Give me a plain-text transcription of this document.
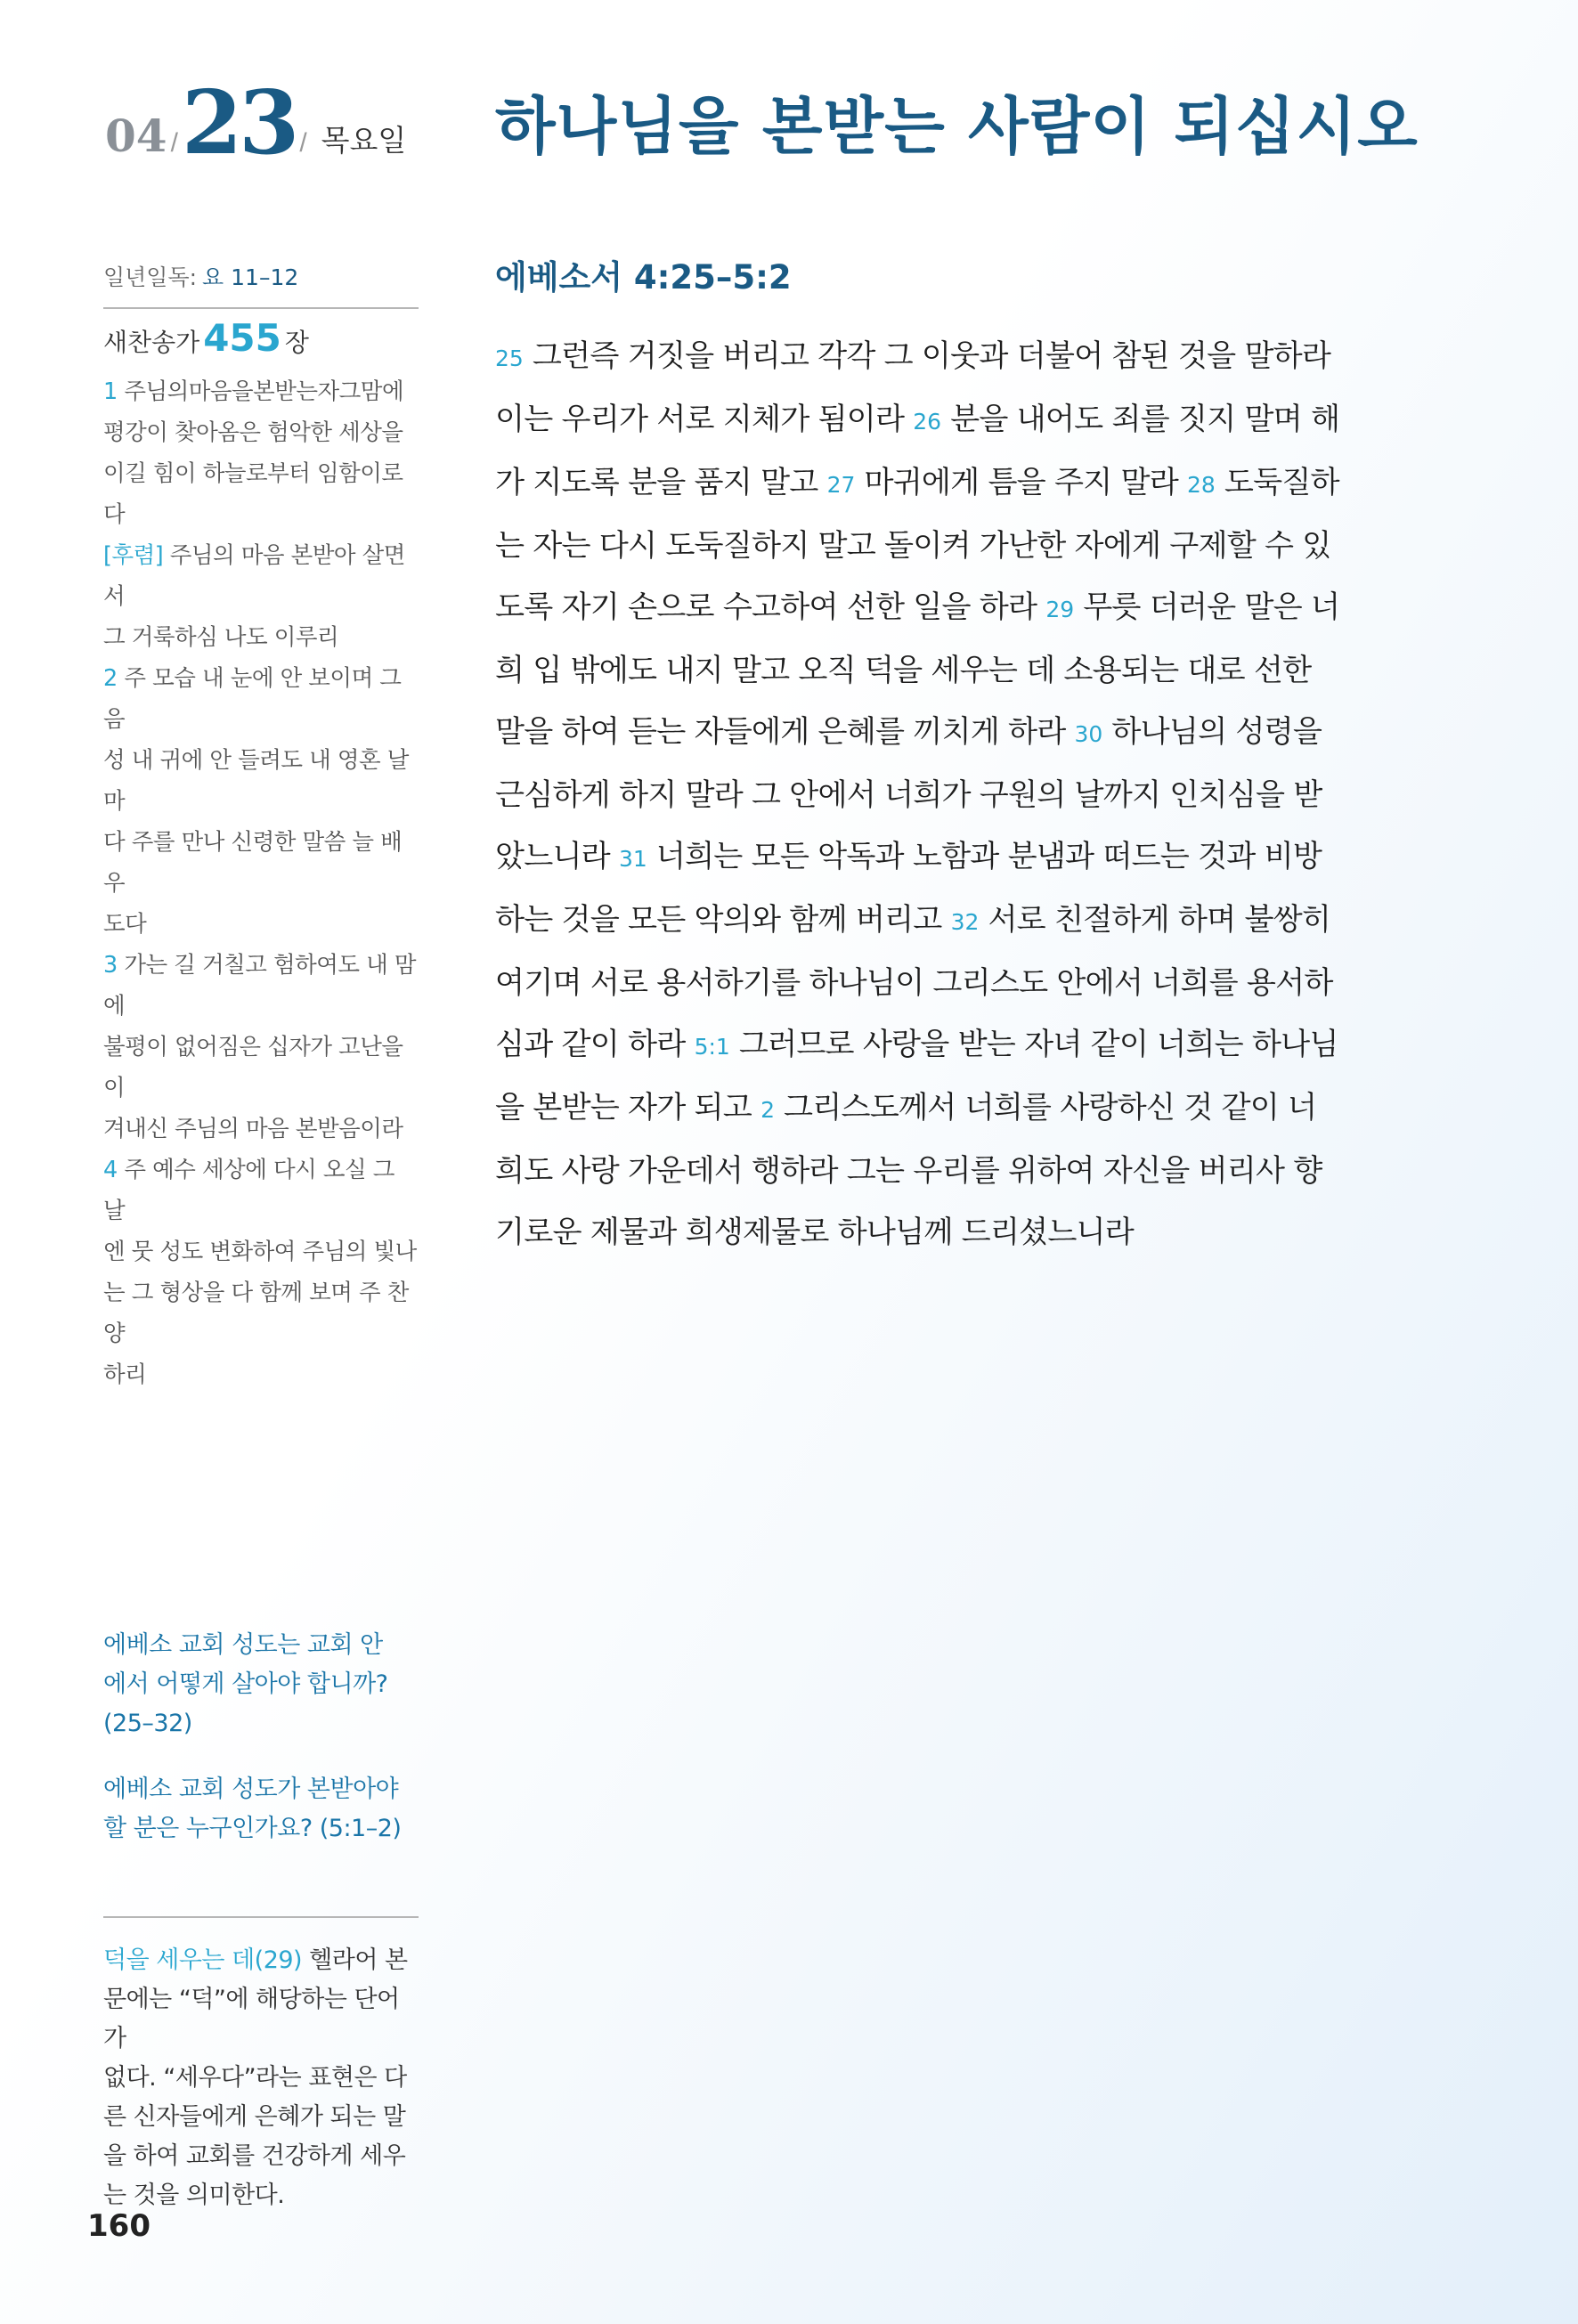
04 / 23 / 목요일 하나님을 본받는 사람이 되십시오
일년일독: 요 11–12
새찬송가 455 장
1 주님의마음을본받는자그맘에
평강이 찾아옴은 험악한 세상을
이길 힘이 하늘로부터 임함이로다
[후렴] 주님의 마음 본받아 살면서
그 거룩하심 나도 이루리
2 주 모습 내 눈에 안 보이며 그 음
성 내 귀에 안 들려도 내 영혼 날마
다 주를 만나 신령한 말씀 늘 배우
도다
3 가는 길 거칠고 험하여도 내 맘에
불평이 없어짐은 십자가 고난을 이
겨내신 주님의 마음 본받음이라
4 주 예수 세상에 다시 오실 그 날
엔 뭇 성도 변화하여 주님의 빛나
는 그 형상을 다 함께 보며 주 찬양
하리
에베소 교회 성도는 교회 안
에서 어떻게 살아야 합니까?
(25–32)
에베소 교회 성도가 본받아야
할 분은 누구인가요? (5:1–2)
덕을 세우는 데(29) 헬라어 본
문에는 “덕”에 해당하는 단어가
없다. “세우다”라는 표현은 다
른 신자들에게 은혜가 되는 말
을 하여 교회를 건강하게 세우
는 것을 의미한다.
160
에베소서 4:25–5:2
25 그런즉 거짓을 버리고 각각 그 이웃과 더불어 참된 것을 말하라
이는 우리가 서로 지체가 됨이라 26 분을 내어도 죄를 짓지 말며 해
가 지도록 분을 품지 말고 27 마귀에게 틈을 주지 말라 28 도둑질하
는 자는 다시 도둑질하지 말고 돌이켜 가난한 자에게 구제할 수 있
도록 자기 손으로 수고하여 선한 일을 하라 29 무릇 더러운 말은 너
희 입 밖에도 내지 말고 오직 덕을 세우는 데 소용되는 대로 선한
말을 하여 듣는 자들에게 은혜를 끼치게 하라 30 하나님의 성령을
근심하게 하지 말라 그 안에서 너희가 구원의 날까지 인치심을 받
았느니라 31 너희는 모든 악독과 노함과 분냄과 떠드는 것과 비방
하는 것을 모든 악의와 함께 버리고 32 서로 친절하게 하며 불쌍히
여기며 서로 용서하기를 하나님이 그리스도 안에서 너희를 용서하
심과 같이 하라 5:1 그러므로 사랑을 받는 자녀 같이 너희는 하나님
을 본받는 자가 되고 2 그리스도께서 너희를 사랑하신 것 같이 너
희도 사랑 가운데서 행하라 그는 우리를 위하여 자신을 버리사 향
기로운 제물과 희생제물로 하나님께 드리셨느니라
